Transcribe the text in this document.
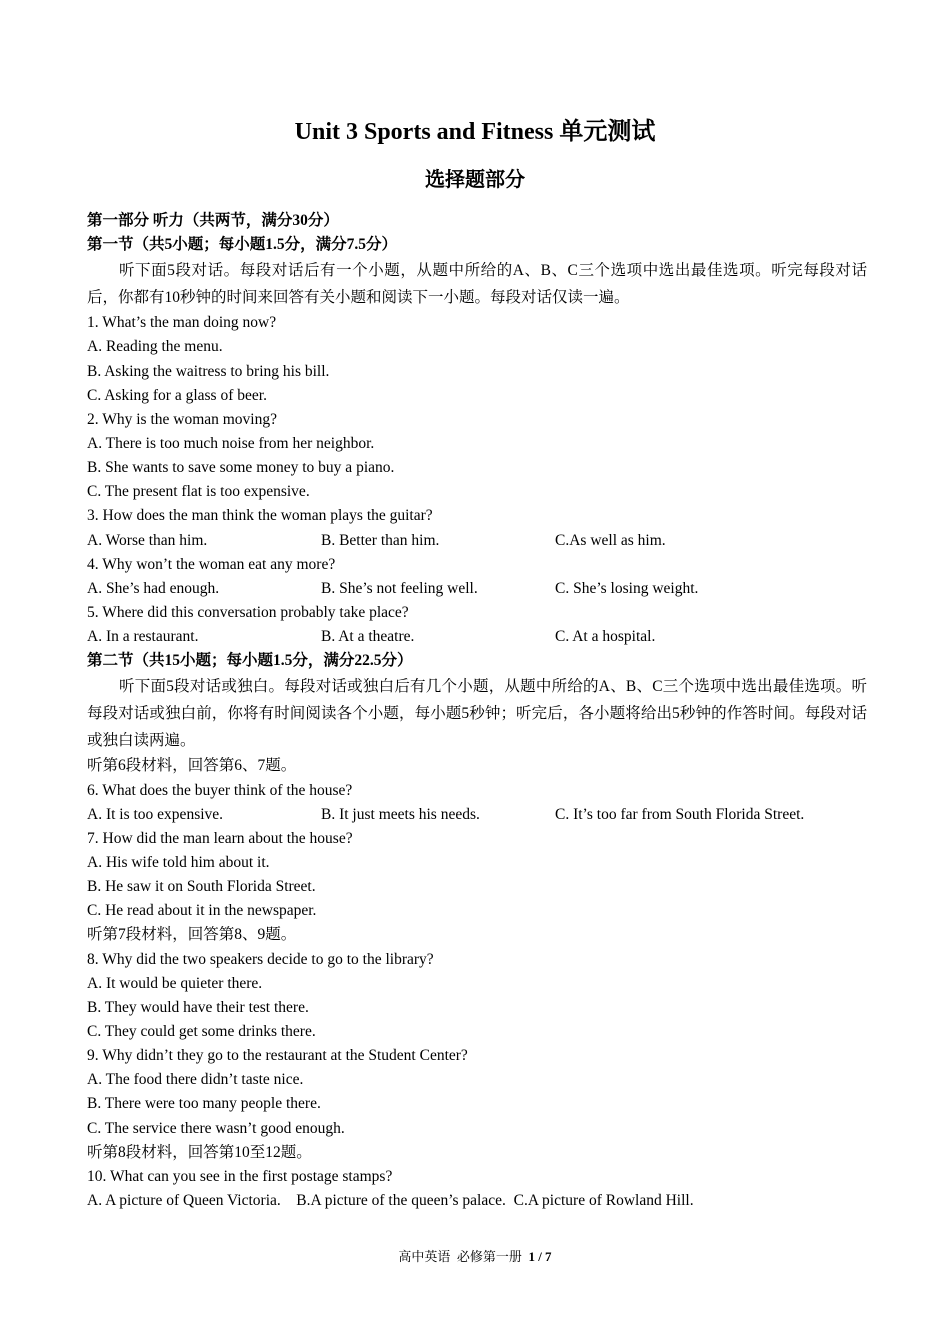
Unit 3 Sports and Fitness 单元测试
选择题部分
第一部分 听力（共两节，满分30分）
第一节（共5小题；每小题1.5分，满分7.5分）
听下面5段对话。每段对话后有一个小题，从题中所给的A、B、C三个选项中选出最佳选项。听完每段对话后，你都有10秒钟的时间来回答有关小题和阅读下一小题。每段对话仅读一遍。
1. What’s the man doing now?
A. Reading the menu.
B. Asking the waitress to bring his bill.
C. Asking for a glass of beer.
2. Why is the woman moving?
A. There is too much noise from her neighbor.
B. She wants to save some money to buy a piano.
C. The present flat is too expensive.
3. How does the man think the woman plays the guitar?
A. Worse than him.	B. Better than him.	C.As well as him.
4. Why won’t the woman eat any more?
A. She’s had enough.	B. She’s not feeling well.	C. She’s losing weight.
5. Where did this conversation probably take place?
A. In a restaurant.	B. At a theatre.	C. At a hospital.
第二节（共15小题；每小题1.5分，满分22.5分）
听下面5段对话或独白。每段对话或独白后有几个小题，从题中所给的A、B、C三个选项中选出最佳选项。听每段对话或独白前，你将有时间阅读各个小题，每小题5秒钟；听完后，各小题将给出5秒钟的作答时间。每段对话或独白读两遍。
听第6段材料，回答第6、7题。
6. What does the buyer think of the house?
A. It is too expensive.	B. It just meets his needs.	C. It’s too far from South Florida Street.
7. How did the man learn about the house?
A. His wife told him about it.
B. He saw it on South Florida Street.
C. He read about it in the newspaper.
听第7段材料，回答第8、9题。
8. Why did the two speakers decide to go to the library?
A. It would be quieter there.
B. They would have their test there.
C. They could get some drinks there.
9. Why didn’t they go to the restaurant at the Student Center?
A. The food there didn’t taste nice.
B. There were too many people there.
C. The service there wasn’t good enough.
听第8段材料，回答第10至12题。
10. What can you see in the first postage stamps?
A. A picture of Queen Victoria.    B.A picture of the queen’s palace.  C.A picture of Rowland Hill.
高中英语  必修第一册  1 / 7
